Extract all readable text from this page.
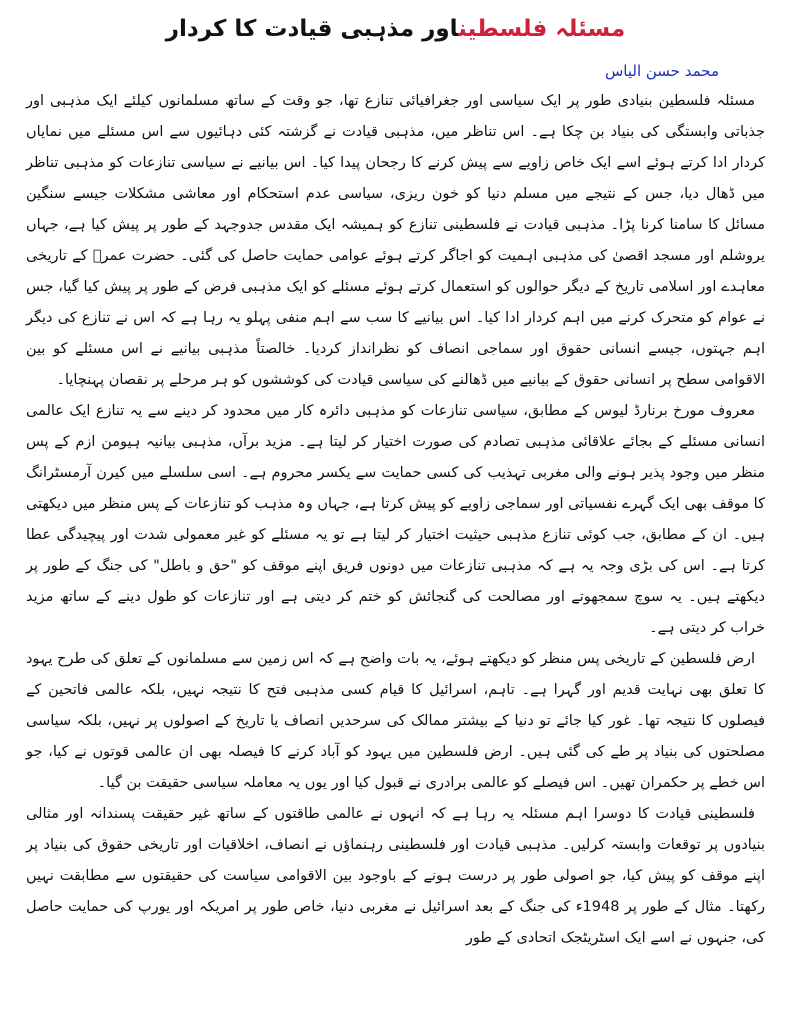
مسئلہ فلسطیناور مذہبی قیادت کا کردار
محمد حسن الیاس

مسئلہ فلسطین بنیادی طور پر ایک سیاسی اور جغرافیائی تنازع تھا، جو وقت کے ساتھ مسلمانوں کیلئے ایک مذہبی اور جذباتی وابستگی کی بنیاد بن چکا ہے۔ اس تناظر میں، مذہبی قیادت نے گزشتہ کئی دہائیوں سے اس مسئلے میں نمایاں کردار ادا کرتے ہوئے اسے ایک خاص زاویے سے پیش کرنے کا رجحان پیدا کیا۔ اس بیانیے نے سیاسی تنازعات کو مذہبی تناظر میں ڈھال دیا، جس کے نتیجے میں مسلم دنیا کو خون ریزی، سیاسی عدم استحکام اور معاشی مشکلات جیسے سنگین مسائل کا سامنا کرنا پڑا۔ مذہبی قیادت نے فلسطینی تنازع کو ہمیشہ ایک مقدس جدوجہد کے طور پر پیش کیا ہے، جہاں یروشلم اور مسجد اقصیٰ کی مذہبی اہمیت کو اجاگر کرتے ہوئے عوامی حمایت حاصل کی گئی۔ حضرت عمرؓ کے تاریخی معاہدے اور اسلامی تاریخ کے دیگر حوالوں کو استعمال کرتے ہوئے مسئلے کو ایک مذہبی فرض کے طور پر پیش کیا گیا، جس نے عوام کو متحرک کرنے میں اہم کردار ادا کیا۔ اس بیانیے کا سب سے اہم منفی پہلو یہ رہا ہے کہ اس نے تنازع کی دیگر اہم جہتوں، جیسے انسانی حقوق اور سماجی انصاف کو نظرانداز کردیا۔ خالصتاً مذہبی بیانیے نے اس مسئلے کو بین الاقوامی سطح پر انسانی حقوق کے بیانیے میں ڈھالنے کی سیاسی قیادت کی کوششوں کو ہر مرحلے پر نقصان پہنچایا۔

معروف مورخ برنارڈ لیوس کے مطابق، سیاسی تنازعات کو مذہبی دائرہ کار میں محدود کر دینے سے یہ تنازع ایک عالمی انسانی مسئلے کے بجائے علاقائی مذہبی تصادم کی صورت اختیار کر لیتا ہے۔ مزید برآں، مذہبی بیانیہ ہیومن ازم کے پس منظر میں وجود پذیر ہونے والی مغربی تہذیب کی کسی حمایت سے یکسر محروم ہے۔ اسی سلسلے میں کیرن آرمسٹرانگ کا موقف بھی ایک گہرے نفسیاتی اور سماجی زاویے کو پیش کرتا ہے، جہاں وہ مذہب کو تنازعات کے پس منظر میں دیکھتی ہیں۔ ان کے مطابق، جب کوئی تنازع مذہبی حیثیت اختیار کر لیتا ہے تو یہ مسئلے کو غیر معمولی شدت اور پیچیدگی عطا کرتا ہے۔ اس کی بڑی وجہ یہ ہے کہ مذہبی تنازعات میں دونوں فریق اپنے موقف کو "حق و باطل" کی جنگ کے طور پر دیکھتے ہیں۔ یہ سوچ سمجھوتے اور مصالحت کی گنجائش کو ختم کر دیتی ہے اور تنازعات کو طول دینے کے ساتھ مزید خراب کر دیتی ہے۔

ارض فلسطین کے تاریخی پس منظر کو دیکھتے ہوئے، یہ بات واضح ہے کہ اس زمین سے مسلمانوں کے تعلق کی طرح یہود کا تعلق بھی نہایت قدیم اور گہرا ہے۔ تاہم، اسرائیل کا قیام کسی مذہبی فتح کا نتیجہ نہیں، بلکہ عالمی فاتحین کے فیصلوں کا نتیجہ تھا۔ غور کیا جائے تو دنیا کے بیشتر ممالک کی سرحدیں انصاف یا تاریخ کے اصولوں پر نہیں، بلکہ سیاسی مصلحتوں کی بنیاد پر طے کی گئی ہیں۔ ارض فلسطین میں یہود کو آباد کرنے کا فیصلہ بھی ان عالمی قوتوں نے کیا، جو اس خطے پر حکمران تھیں۔ اس فیصلے کو عالمی برادری نے قبول کیا اور یوں یہ معاملہ سیاسی حقیقت بن گیا۔

فلسطینی قیادت کا دوسرا اہم مسئلہ یہ رہا ہے کہ انہوں نے عالمی طاقتوں کے ساتھ غیر حقیقت پسندانہ اور مثالی بنیادوں پر توقعات وابستہ کرلیں۔ مذہبی قیادت اور فلسطینی رہنماؤں نے انصاف، اخلاقیات اور تاریخی حقوق کی بنیاد پر اپنے موقف کو پیش کیا، جو اصولی طور پر درست ہونے کے باوجود بین الاقوامی سیاست کی حقیقتوں سے مطابقت نہیں رکھتا۔ مثال کے طور پر 1948ء کی جنگ کے بعد اسرائیل نے مغربی دنیا، خاص طور پر امریکہ اور یورپ کی حمایت حاصل کی، جنہوں نے اسے ایک اسٹریٹجک اتحادی کے طور
